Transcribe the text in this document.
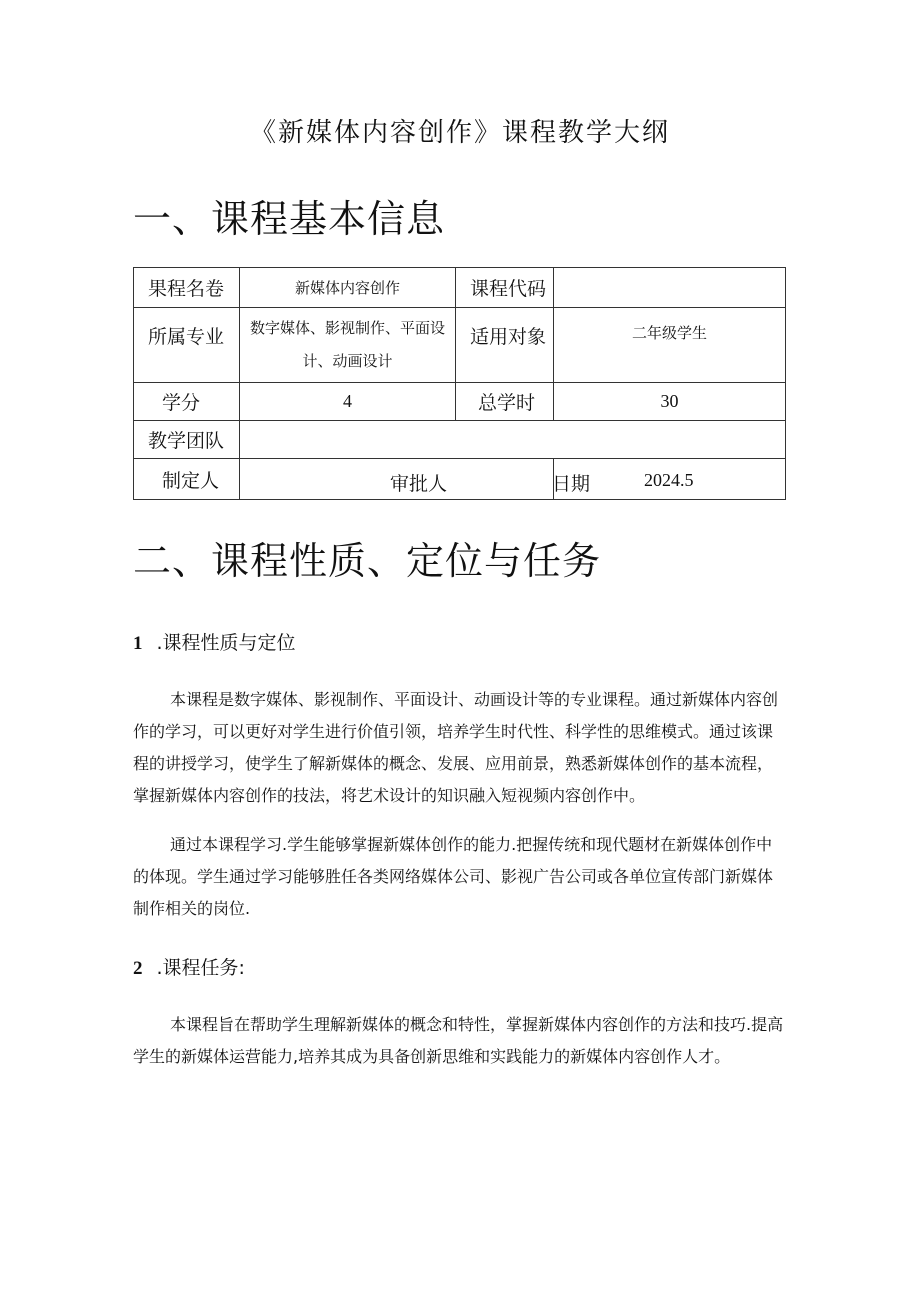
《新媒体内容创作》课程教学大纲
一、课程基本信息
果程名卷	新媒体内容创作	课程代码	
所属专业	数字媒体、影视制作、平面设计、动画设计	适用对象	二年级学生
学分	4	总学时	30
教学团队			
制定人	审批人		日期 2024.5
二、课程性质、定位与任务
1 .课程性质与定位

本课程是数字媒体、影视制作、平面设计、动画设计等的专业课程。通过新媒体内容创作的学习，可以更好对学生进行价值引领，培养学生时代性、科学性的思维模式。通过该课程的讲授学习，使学生了解新媒体的概念、发展、应用前景，熟悉新媒体创作的基本流程，掌握新媒体内容创作的技法，将艺术设计的知识融入短视频内容创作中。

通过本课程学习.学生能够掌握新媒体创作的能力.把握传统和现代题材在新媒体创作中的体现。学生通过学习能够胜任各类网络媒体公司、影视广告公司或各单位宣传部门新媒体制作相关的岗位.

2 .课程任务:

本课程旨在帮助学生理解新媒体的概念和特性，掌握新媒体内容创作的方法和技巧.提高学生的新媒体运营能力,培养其成为具备创新思维和实践能力的新媒体内容创作人才。
